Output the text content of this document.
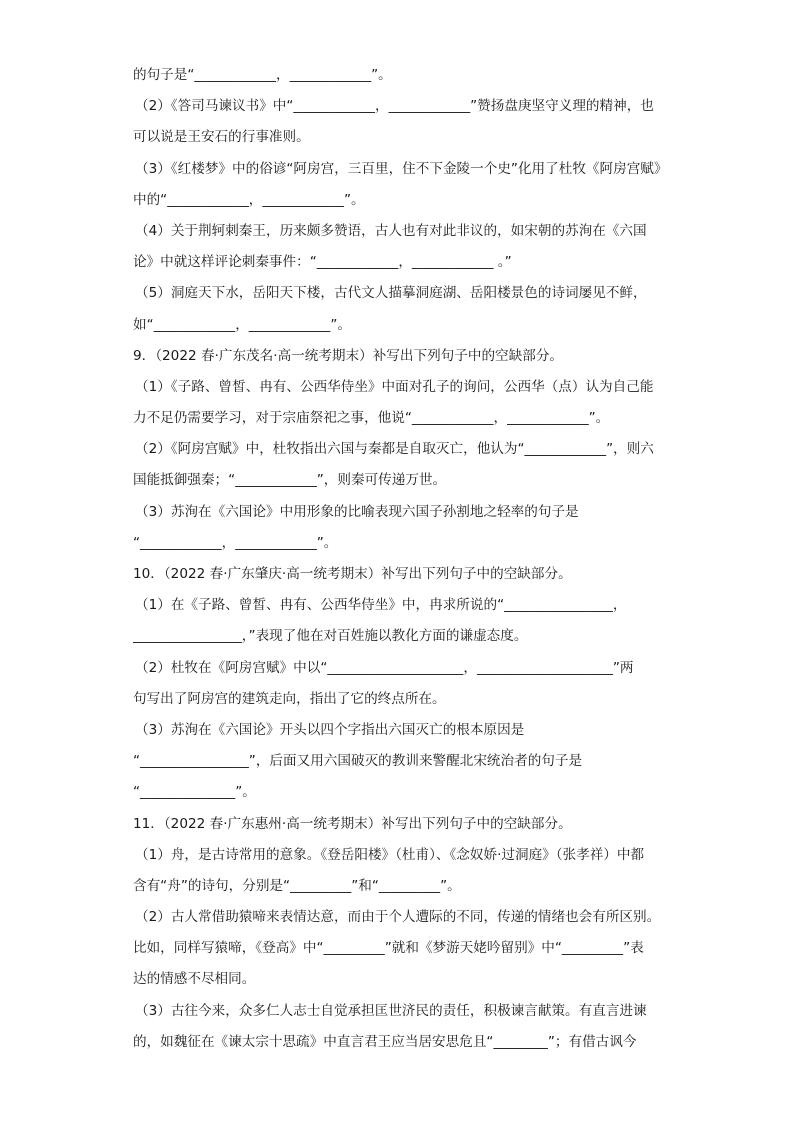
的句子是“____________，____________”。
（2）《答司马谏议书》中“____________，____________”赞扬盘庚坚守义理的精神，也
可以说是王安石的行事准则。
（3）《红楼梦》中的俗谚“阿房宫，三百里，住不下金陵一个史”化用了杜牧《阿房宫赋》
中的“____________，____________”。
（4）关于荆轲刺秦王，历来颇多赞语，古人也有对此非议的，如宋朝的苏洵在《六国
论》中就这样评论刺秦事件：“____________，____________ 。”
（5）洞庭天下水，岳阳天下楼，古代文人描摹洞庭湖、岳阳楼景色的诗词屡见不鲜，
如“____________，____________”。
9．（2022 春·广东茂名·高一统考期末）补写出下列句子中的空缺部分。
（1）《子路、曾皙、冉有、公西华侍坐》中面对孔子的询问，公西华（点）认为自己能
力不足仍需要学习，对于宗庙祭祀之事，他说“____________，____________”。
（2）《阿房宫赋》中，杜牧指出六国与秦都是自取灭亡，他认为“____________”，则六
国能抵御强秦；“____________”，则秦可传递万世。
（3）苏洵在《六国论》中用形象的比喻表现六国子孙割地之轻率的句子是
“____________，____________”。
10．（2022 春·广东肇庆·高一统考期末）补写出下列句子中的空缺部分。
（1）在《子路、曾皙、冉有、公西华侍坐》中，冉求所说的“________________，
________________，”表现了他在对百姓施以教化方面的谦虚态度。
（2）杜牧在《阿房宫赋》中以“____________________，____________________”两
句写出了阿房宫的建筑走向，指出了它的终点所在。
（3）苏洵在《六国论》开头以四个字指出六国灭亡的根本原因是
“________________”，后面又用六国破灭的教训来警醒北宋统治者的句子是
“______________”。
11．（2022 春·广东惠州·高一统考期末）补写出下列句子中的空缺部分。
（1）舟，是古诗常用的意象。《登岳阳楼》（杜甫）、《念奴娇·过洞庭》（张孝祥）中都
含有“舟”的诗句，分别是“_________”和“_________”。
（2）古人常借助猿啼来表情达意，而由于个人遭际的不同，传递的情绪也会有所区别。
比如，同样写猿啼，《登高》中“_________”就和《梦游天姥吟留别》中“_________”表
达的情感不尽相同。
（3）古往今来，众多仁人志士自觉承担匡世济民的责任，积极谏言献策。有直言进谏
的，如魏征在《谏太宗十思疏》中直言君王应当居安思危且“________”；有借古讽今
